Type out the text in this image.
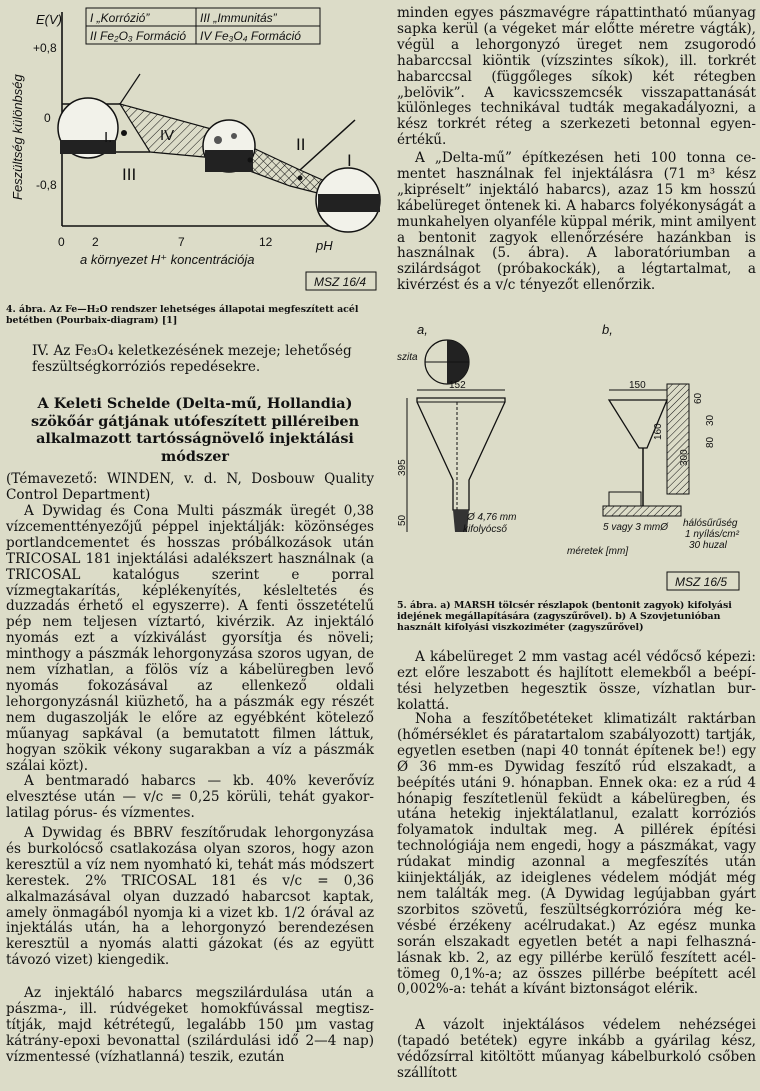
Feszültség különbség
E(V)
+0,8
0
-0,8
I „Korrózió”	III „Immunitás”
II Fe₂O₃ Formáció IV Fe₃O₄ Formáció
I.	IV	II
III
I
0 2	7	12	pH
a környezet H⁺ koncentrációja
MSZ 16/4

4. ábra. Az Fe—H₂O rendszer lehetséges állapotai megfeszített acél betétben (Pourbaix-diagram) [1]

IV. Az Fe₃O₄ keletkezésének mezeje; lehetőség feszültségkorróziós repedésekre.

A Keleti Schelde (Delta-mű, Hollandia) szökőár gátjának utófeszített pilléreiben alkalmazott tartósságnövelő injektálási módszer

(Témavezető: WINDEN, v. d. N, Dosbouw Quality Control Department)

A Dywidag és Cona Multi pászmák üregét 0,38 vízcementtényezőjű péppel injektálják: közönséges portlandcementet és hosszas próbálkozások után TRICOSAL 181 injektálási adalékszert használnak (a TRICOSAL katalógus szerint e porral vízmegtakarítás, képlékenyítés, késleltetés és duzzadás érhető el egyszerre). A fenti összetételű pép nem teljesen víztartó, kivérzik. Az injektáló nyomás ezt a vízkiválást gyorsítja és növeli; minthogy a pászmák lehorgonyzása szoros ugyan, de nem vízhatlan, a fölös víz a kábelüregben levő nyomás fokozásával az ellenkező oldali lehorgonyzásnál kiüzhető, ha a pászmák egy részét nem dugaszolják le előre az egyébként kötelező műanyag sapkával (a bemutatott filmen láttuk, hogyan szökik vékony sugarakban a víz a pászmák szálai közt).

A bentmaradó habarcs — kb. 40% keverővíz elvesztése után — v/c = 0,25 körüli, tehát gyakorlatilag pórus- és vízmentes.

A Dywidag és BBRV feszítőrudak lehorgonyzása és burkolócső csatlakozása olyan szoros, hogy azon keresztül a víz nem nyomható ki, tehát más módszert kerestek. 2% TRICOSAL 181 és v/c = 0,36 alkalmazásával olyan duzzadó habarcsot kaptak, amely önmagából nyomja ki a vizet kb. 1/2 órával az injektálás után, ha a lehorgonyzó berendezésen keresztül a nyomás alatti gázokat (és az együtt távozó vizet) kiengedik.

Az injektáló habarcs megszilárdulása után a pászma-, ill. rúdvégeket homokfúvással megtisztítják, majd kétrétegű, legalább 150 µm vastag kátrány-epoxi bevonattal (szilárdulási idő 2—4 nap) vízmentessé (vízhatlanná) teszik, ezután

minden egyes pászmavégre rápattintható műanyag sapka kerül (a végeket már előtte méretre vágták), végül a lehorgonyzó üreget nem zsugorodó habarccsal kiöntik (vízszintes síkok), ill. torkrét habarccsal (függőleges síkok) két rétegben „belövik”. A kavicsszemcsék visszapattanását különleges technikával tudták megakadályozni, a kész torkrét réteg a szerkezeti betonnal egyenértékű.

A „Delta-mű” építkezésen heti 100 tonna cementet használnak fel injektálásra (71 m³ kész „kipréselt” injektáló habarcs), azaz 15 km hosszú kábelüreget öntenek ki. A habarcs folyékonyságát a munkahelyen olyanféle küppal mérik, mint amilyent a bentonit zagyok ellenőrzésére hazánkban is használnak (5. ábra). A laboratóriumban a szilárdságot (próbakockák), a légtartalmat, a kivérzést és a v/c tényezőt ellenőrzik.

a,	b,
szita
152
395
50	Ø 4,76 mm
kifolyócső
150
60
300
160
80
30
5 vagy 3 mmØ hálósűrűség
1 nyílás/cm²
30 huzal
méretek [mm]
MSZ 16/5

5. ábra. a) MARSH tölcsér részlapok (bentonit zagyok) kifolyási idejének megállapítására (zagyszűrővel). b) A Szovjetunióban használt kifolyási viszkoziméter (zagyszűrővel)

A kábelüreget 2 mm vastag acél védőcső képezi: ezt előre leszabott és hajlított elemekből a beépítési helyzetben hegesztik össze, vízhatlan burkolattá.

Noha a feszítőbetéteket klimatizált raktárban (hőmérséklet és páratartalom szabályozott) tartják, egyetlen esetben (napi 40 tonnát építenek be!) egy Ø 36 mm-es Dywidag feszítő rúd elszakadt, a beépítés utáni 9. hónapban. Ennek oka: ez a rúd 4 hónapig feszítetlenül feküdt a kábelüregben, és utána hetekig injektálatlanul, ezalatt korróziós folyamatok indultak meg. A pillérek építési technológiája nem engedi, hogy a pászmákat, vagy rúdakat mindig azonnal a megfeszítés után kiinjektálják, az ideiglenes védelem módját még nem találták meg. (A Dywidag legújabban gyárt szorbitos szövetű, feszültségkorrózióra még kevésbé érzékeny acélrudakat.) Az egész munka során elszakadt egyetlen betét a napi felhasználásnak kb. 2, az egy pillérbe kerülő feszített acéltömeg 0,1%-a; az összes pillérbe beépített acél 0,002%-a: tehát a kívánt biztonságot elérik.

A vázolt injektálásos védelem nehézségei (tapadó betétek) egyre inkább a gyárilag kész, védőzsírral kitöltött műanyag kábelburkoló csőben szállított
